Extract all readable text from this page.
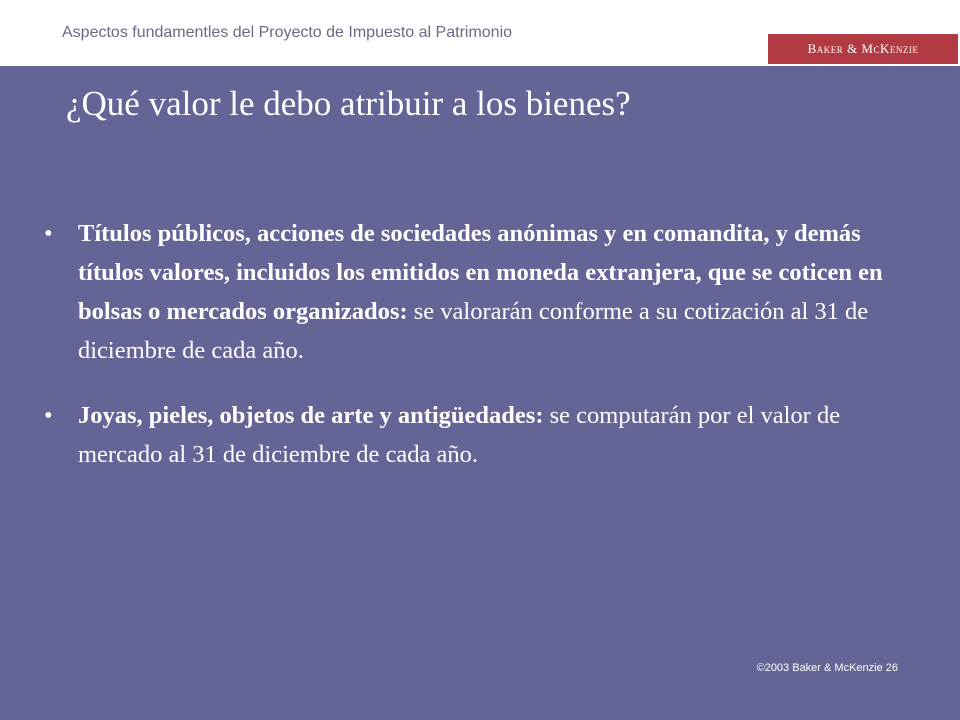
Aspectos fundamentles del Proyecto de Impuesto al Patrimonio
Baker & McKenzie
¿Qué valor le debo atribuir a los bienes?
• Títulos públicos, acciones de sociedades anónimas y en comandita, y demás títulos valores, incluidos los emitidos en moneda extranjera, que se coticen en bolsas o mercados organizados: se valorarán conforme a su cotización al 31 de diciembre de cada año.
• Joyas, pieles, objetos de arte y antigüedades: se computarán por el valor de mercado al 31 de diciembre de cada año.
©2003 Baker & McKenzie 26
